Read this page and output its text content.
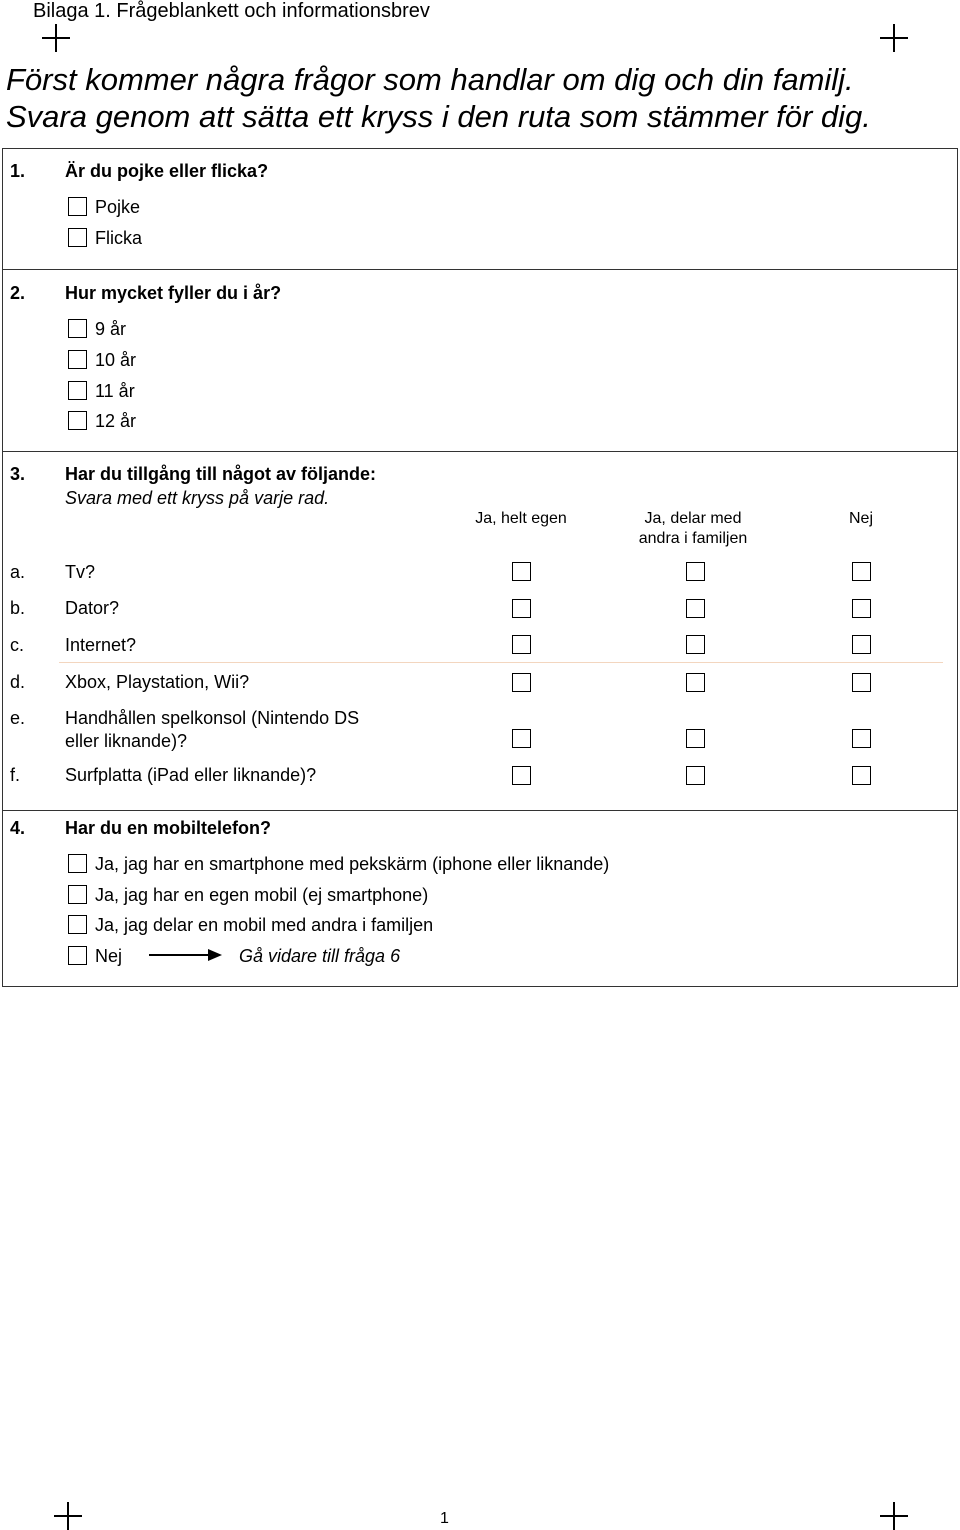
Bilaga 1. Frågeblankett och informationsbrev
Först kommer några frågor som handlar om dig och din familj.
Svara genom att sätta ett kryss i den ruta som stämmer för dig.
1. Är du pojke eller flicka?
Pojke
Flicka
2. Hur mycket fyller du i år?
9 år
10 år
11 år
12 år
3. Har du tillgång till något av följande:
Svara med ett kryss på varje rad.
Ja, helt egen	Ja, delar med
andra i familjen
Nej
a. Tv?
b. Dator?
c. Internet?
d. Xbox, Playstation, Wii?
e. Handhållen spelkonsol (Nintendo DS
eller liknande)?
f. Surfplatta (iPad eller liknande)?
4. Har du en mobiltelefon?
Ja, jag har en smartphone med pekskärm (iphone eller liknande)
Ja, jag har en egen mobil (ej smartphone)
Ja, jag delar en mobil med andra i familjen
Nej	Gå vidare till fråga 6
1
